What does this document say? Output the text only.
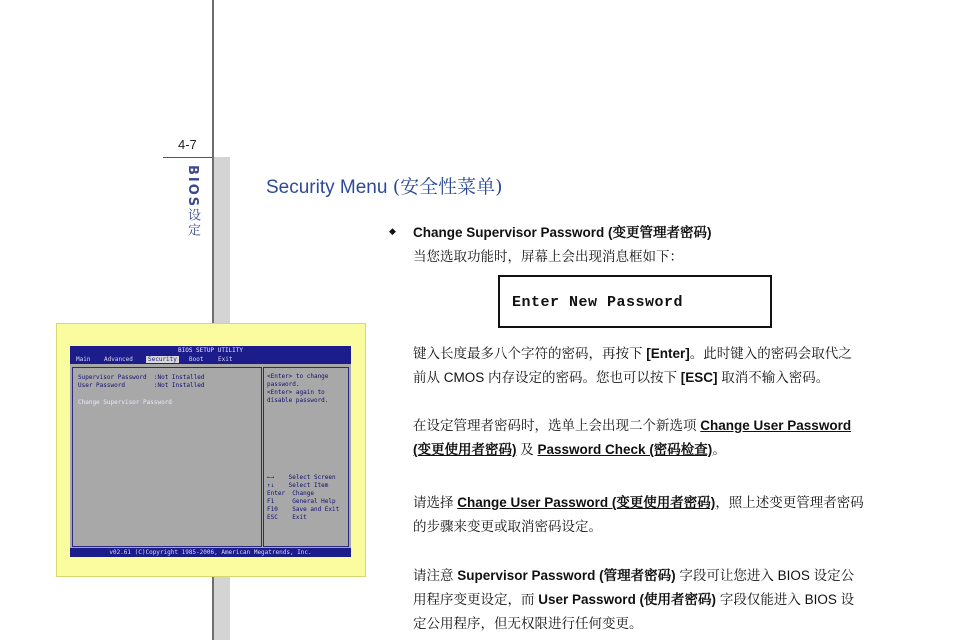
4-7
BIOS设定
BIOS SETUP UTILITY
Main	Advanced	Security	Boot	Exit
Supervisor Password  :Not Installed
User Password        :Not Installed
Change Supervisor Password
<Enter> to change
password.
<Enter> again to
disable password.
←→    Select Screen
↑↓    Select Item
Enter  Change
F1     General Help
F10    Save and Exit
ESC    Exit
v02.61 (C)Copyright 1985-2006, American Megatrends, Inc.
Security Menu (安全性菜单)
◆ Change Supervisor Password (变更管理者密码)
当您选取功能时，屏幕上会出现消息框如下：
Enter New Password
键入长度最多八个字符的密码，再按下 [Enter]。此时键入的密码会取代之
前从 CMOS 内存设定的密码。您也可以按下 [ESC] 取消不输入密码。
在设定管理者密码时，选单上会出现二个新选项 Change User Password
(变更使用者密码) 及 Password Check (密码检查)。
请选择 Change User Password (变更使用者密码)，照上述变更管理者密码
的步骤来变更或取消密码设定。
请注意 Supervisor Password (管理者密码) 字段可让您进入 BIOS 设定公
用程序变更设定，而 User Password (使用者密码) 字段仅能进入 BIOS 设
定公用程序，但无权限进行任何变更。
